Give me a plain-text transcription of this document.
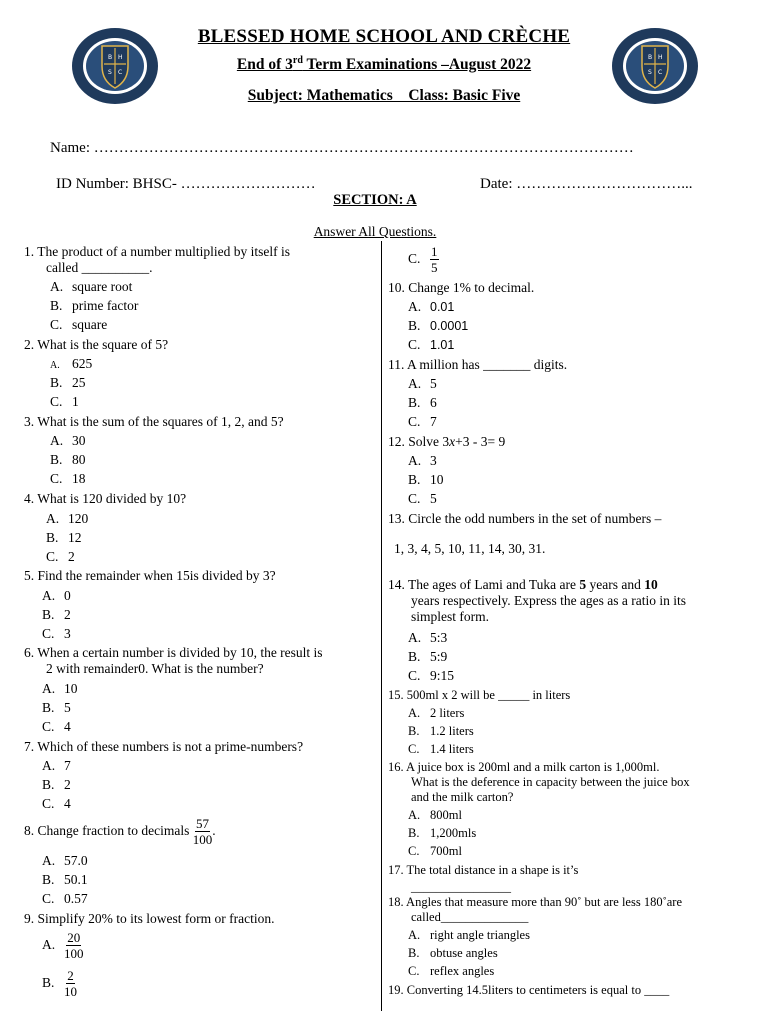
B H
S C
B H
S C
BLESSED HOME SCHOOL AND CRÈCHE
End of 3rd Term Examinations –August 2022
Subject: Mathematics    Class: Basic Five
Name: ………………………………………………………………………………………………
ID Number: BHSC- ………………………	Date: ……………………………...
SECTION: A
Answer All Questions.
1. The product of a number multiplied by itself is
called __________.
A. square root
B. prime factor
C. square
2. What is the square of 5?
A. 625
B. 25
C. 1
3. What is the sum of the squares of 1, 2, and 5?
A. 30
B. 80
C. 18
4. What is 120 divided by 10?
A. 120
B. 12
C. 2
5. Find the remainder when 15is divided by 3?
A. 0
B. 2
C. 3
6. When a certain number is divided by 10, the result is
2 with remainder0. What is the number?
A. 10
B. 5
C. 4
7. Which of these numbers is not a prime-numbers?
A. 7
B. 2
C. 4
8. Change fraction to decimals $\frac{57}{100}$ .
A. 57.0
B. 50.1
C. 0.57
9. Simplify 20% to its lowest form or fraction.
A. $\frac{20}{100}$
B. $\frac{2}{10}$
C. $\frac{1}{5}$
10. Change 1% to decimal.
A. 0.01
B. 0.0001
C. 1.01
11. A million has _______ digits.
A. 5
B. 6
C. 7
12. Solve 3x+3 - 3= 9
A. 3
B. 10
C. 5
13. Circle the odd numbers in the set of numbers –
1, 3, 4, 5, 10, 11, 14, 30, 31.
14. The ages of Lami and Tuka are 5 years and 10
years respectively. Express the ages as a ratio in its
simplest form.
A. 5:3
B. 5:9
C. 9:15
15. 500ml x 2 will be _____ in liters
A. 2 liters
B. 1.2 liters
C. 1.4 liters
16. A juice box is 200ml and a milk carton is 1,000ml.
What is the deference in capacity between the juice box
and the milk carton?
A. 800ml
B. 1,200mls
C. 700ml
17. The total distance in a shape is it’s
________________
18. Angles that measure more than 90˚ but are less 180˚are
called______________
A. right angle triangles
B. obtuse angles
C. reflex angles
19. Converting 14.5liters to centimeters is equal to ____
